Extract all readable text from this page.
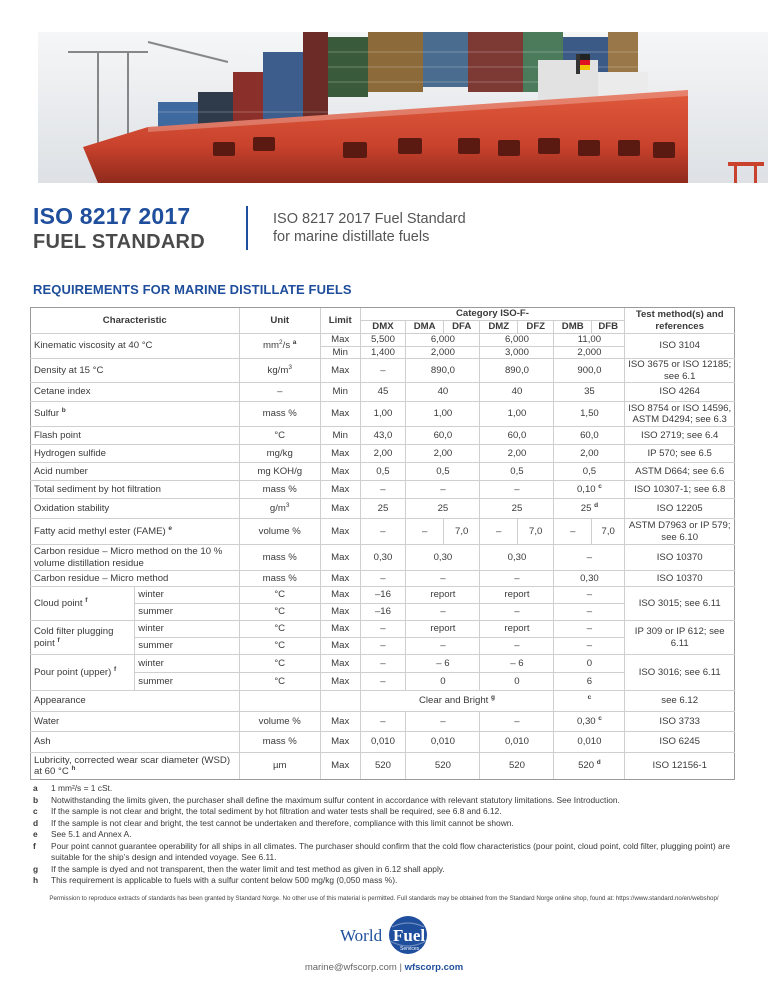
ISO 8217 2017
FUEL STANDARD
ISO 8217 2017 Fuel Standard
for marine distillate fuels
REQUIREMENTS FOR MARINE DISTILLATE FUELS
Characteristic		Unit	Limit	Category ISO-F-							Test method(s) and references
				DMX	DMA	DFA	DMZ	DFZ	DMB	DFB	
Kinematic viscosity at 40 °C		$mm^2/s$ $^a$	Max	5,500	6,000		6,000		11,00		ISO 3104
			Min	1,400	2,000		3,000		2,000		
Density at 15 °C		$kg/m^3$	Max	–	890,0		890,0		900,0		ISO 3675 or ISO 12185; see 6.1
Cetane index		–	Min	45	40		40		35		ISO 4264
Sulfur $^b$		mass %	Max	1,00	1,00		1,00		1,50		ISO 8754 or ISO 14596, ASTM D4294; see 6.3
Flash point		°C	Min	43,0	60,0		60,0		60,0		ISO 2719; see 6.4
Hydrogen sulfide		mg/kg	Max	2,00	2,00		2,00		2,00		IP 570; see 6.5
Acid number		mg KOH/g	Max	0,5	0,5		0,5		0,5		ASTM D664; see 6.6
Total sediment by hot filtration		mass %	Max	–	–		–		0,10 $^c$		ISO 10307-1; see 6.8
Oxidation stability		$g/m^3$	Max	25	25		25		25 $^d$		ISO 12205
Fatty acid methyl ester (FAME) $^e$		volume %	Max	–	–	7,0	–	7,0	–	7,0	ASTM D7963 or IP 579; see 6.10
Carbon residue – Micro method on the 10 % volume distillation residue		mass %	Max	0,30	0,30		0,30		–		ISO 10370
Carbon residue – Micro method		mass %	Max	–	–		–		0,30		ISO 10370
Cloud point $^f$	winter	°C	Max	–16	report		report		–		ISO 3015; see 6.11
	summer	°C	Max	–16	–		–		–		
Cold filter plugging
point $^f$	winter	°C	Max	–	report		report		–		IP 309 or IP 612; see 6.11
	summer	°C	Max	–	–		–		–		
Pour point (upper) $^f$	winter	°C	Max	–	– 6		– 6		0		ISO 3016; see 6.11
	summer	°C	Max	–	0		0		6		
Appearance				Clear and Bright $^g$					$^c$		see 6.12
Water		volume %	Max	–	–		–		0,30 $^c$		ISO 3733
Ash		mass %	Max	0,010	0,010		0,010		0,010		ISO 6245
Lubricity, corrected wear scar diameter (WSD) at 60 °C $^h$		µm	Max	520	520		520		520 $^d$		ISO 12156-1
a	1 mm²/s = 1 cSt.
b	Notwithstanding the limits given, the purchaser shall define the maximum sulfur content in accordance with relevant statutory limitations. See Introduction.
c	If the sample is not clear and bright, the total sediment by hot filtration and water tests shall be required, see 6.8 and 6.12.
d	If the sample is not clear and bright, the test cannot be undertaken and therefore, compliance with this limit cannot be shown.
e	See 5.1 and Annex A.
f	Pour point cannot guarantee operability for all ships in all climates. The purchaser should confirm that the cold flow characteristics (pour point, cloud point, cold filter, plugging point) are suitable for the ship’s design and intended voyage. See 6.11.
g	If the sample is dyed and not transparent, then the water limit and test method as given in 6.12 shall apply.
h	This requirement is applicable to fuels with a sulfur content below 500 mg/kg (0,050 mass %).
Permission to reproduce extracts of standards has been granted by Standard Norge. No other use of this material is permitted. Full standards may be obtained from the Standard Norge online shop, found at: https://www.standard.no/en/webshop/
World Fuel
Services
marine@wfscorp.com | wfscorp.com
